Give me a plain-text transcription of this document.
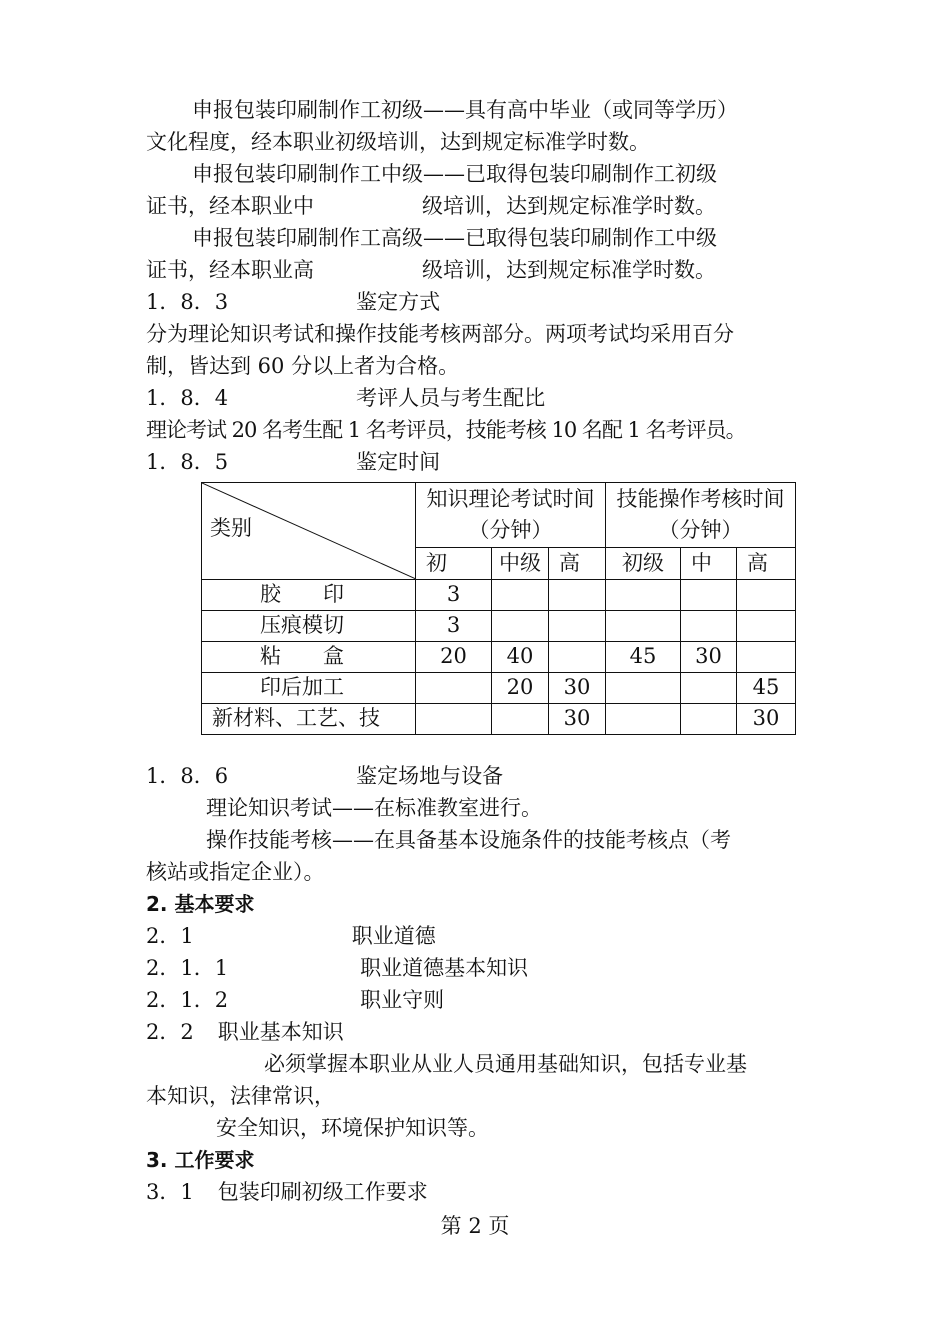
申报包装印刷制作工初级——具有高中毕业（或同等学历）
文化程度，经本职业初级培训，达到规定标准学时数。
申报包装印刷制作工中级——已取得包装印刷制作工初级
证书，经本职业中	级培训，达到规定标准学时数。
申报包装印刷制作工高级——已取得包装印刷制作工中级
证书，经本职业高	级培训，达到规定标准学时数。
1．8．3	鉴定方式
分为理论知识考试和操作技能考核两部分。两项考试均采用百分
制，皆达到 60 分以上者为合格。
1．8．4	考评人员与考生配比
理论考试 20 名考生配 1 名考评员，技能考核 10 名配 1 名考评员。
1．8．5	鉴定时间
类别	知识理论考试时间（分钟）			技能操作考核时间（分钟）		
	初	中级	高	初级	中	高
胶　　印	3					
压痕模切	3					
粘　　盒	20	40		45	30	
印后加工		20	30			45
新材料、工艺、技			30			30
1．8．6	鉴定场地与设备
理论知识考试——在标准教室进行。
操作技能考核——在具备基本设施条件的技能考核点（考
核站或指定企业）。
2. 基本要求
2．1	职业道德
2．1．1	职业道德基本知识
2．1．2	职业守则
2．2 职业基本知识
必须掌握本职业从业人员通用基础知识，包括专业基
本知识，法律常识，
安全知识，环境保护知识等。
3. 工作要求
3．1 包装印刷初级工作要求
第 2 页
